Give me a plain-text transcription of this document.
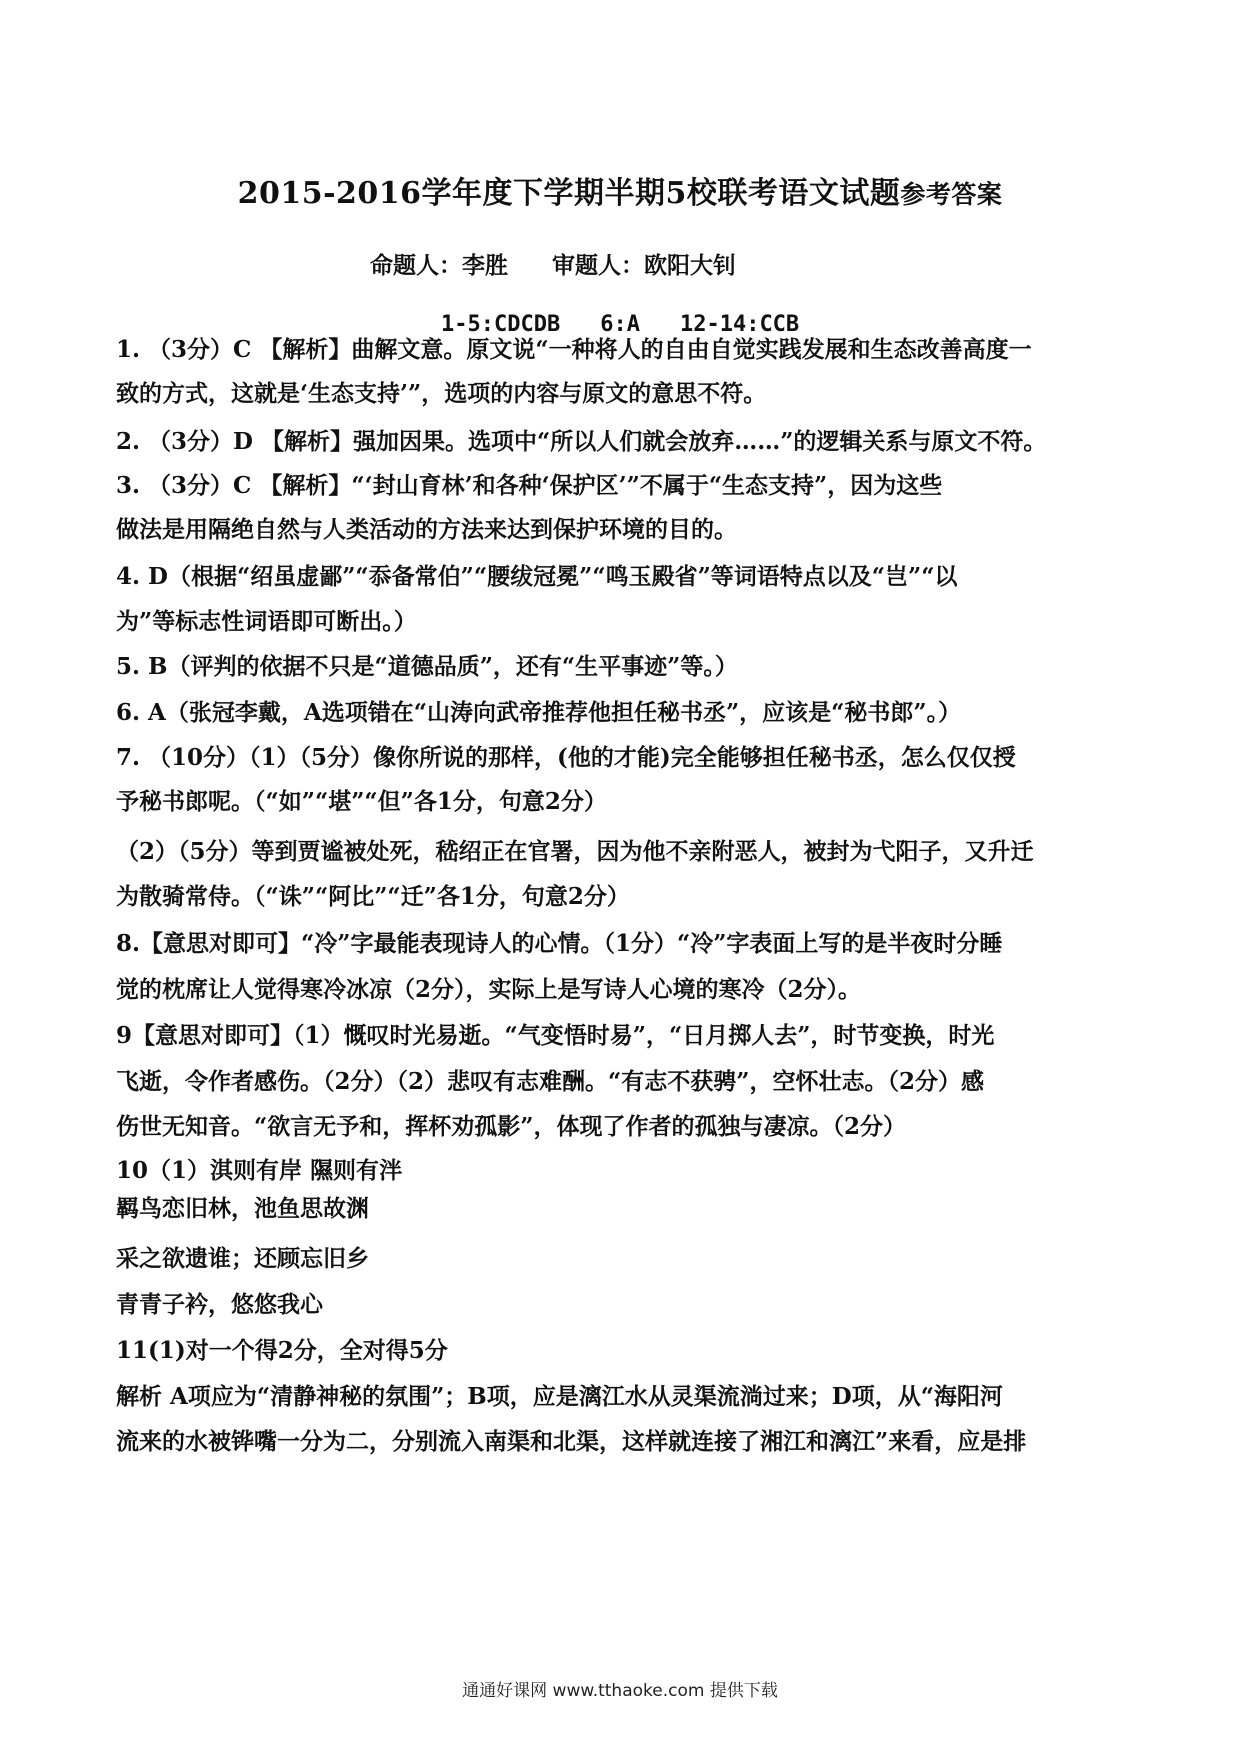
2015-2016学年度下学期半期5校联考语文试题参考答案
命题人：李胜 审题人：欧阳大钊
1-5:CDCDB 6:A 12-14:CCB
1. （3分）C 【解析】曲解文意。原文说“一种将人的自由自觉实践发展和生态改善高度一
致的方式，这就是‘生态支持’”，选项的内容与原文的意思不符。
2. （3分）D 【解析】强加因果。选项中“所以人们就会放弃……”的逻辑关系与原文不符。
3. （3分）C 【解析】“‘封山育林’和各种‘保护区’”不属于“生态支持”，因为这些
做法是用隔绝自然与人类活动的方法来达到保护环境的目的。
4. D（根据“绍虽虚鄙”“忝备常伯”“腰绂冠冕”“鸣玉殿省”等词语特点以及“岂”“以
为”等标志性词语即可断出。）
5. B（评判的依据不只是“道德品质”，还有“生平事迹”等。）
6. A（张冠李戴，A选项错在“山涛向武帝推荐他担任秘书丞”，应该是“秘书郎”。）
7. （10分）（1）（5分）像你所说的那样，(他的才能)完全能够担任秘书丞，怎么仅仅授
予秘书郎呢。（“如”“堪”“但”各1分，句意2分）
（2）（5分）等到贾谧被处死，嵇绍正在官署，因为他不亲附恶人，被封为弋阳子，又升迁
为散骑常侍。（“诛”“阿比”“迁”各1分，句意2分）
8.【意思对即可】“冷”字最能表现诗人的心情。（1分）“冷”字表面上写的是半夜时分睡
觉的枕席让人觉得寒冷冰凉（2分），实际上是写诗人心境的寒冷（2分）。
9【意思对即可】（1）慨叹时光易逝。“气变悟时易”，“日月掷人去”，时节变换，时光
飞逝，令作者感伤。（2分）（2）悲叹有志难酬。“有志不获骋”，空怀壮志。（2分）感
伤世无知音。“欲言无予和，挥杯劝孤影”，体现了作者的孤独与凄凉。（2分）
10（1）淇则有岸 隰则有泮
羁鸟恋旧林，池鱼思故渊
采之欲遗谁；还顾忘旧乡
青青子衿，悠悠我心
11(1)对一个得2分，全对得5分
解析 A项应为“清静神秘的氛围”；B项，应是漓江水从灵渠流淌过来；D项，从“海阳河
流来的水被铧嘴一分为二，分别流入南渠和北渠，这样就连接了湘江和漓江”来看，应是排
通通好课网 www.tthaoke.com 提供下载
